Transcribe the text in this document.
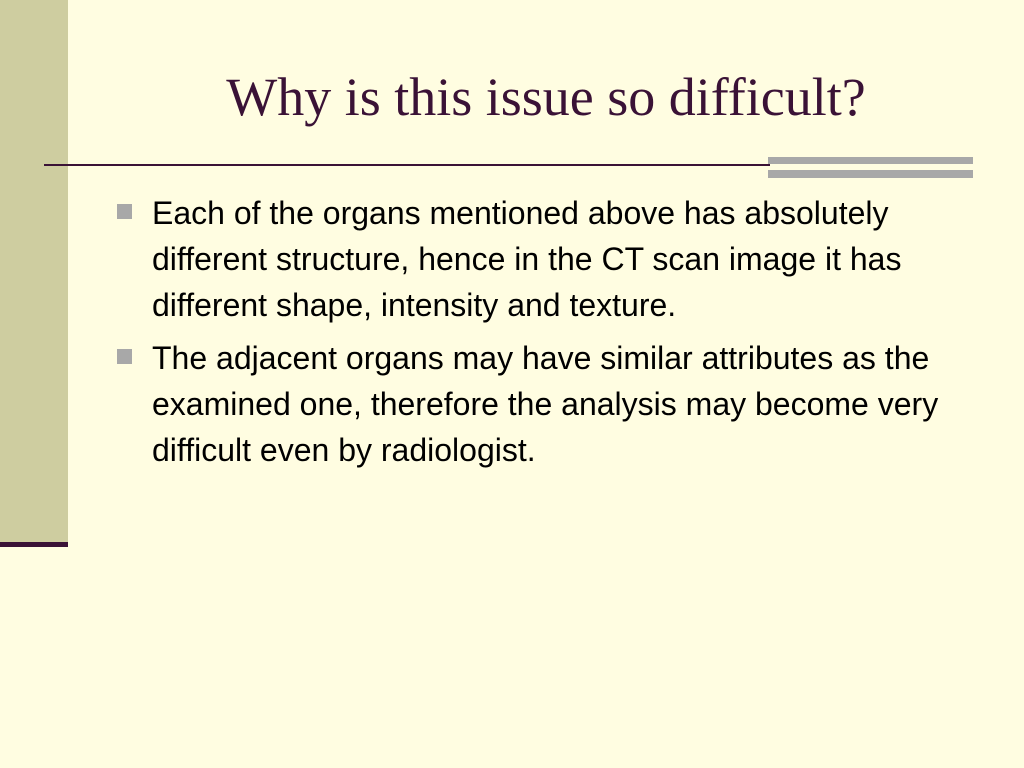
Why is this issue so difficult?
Each of the organs mentioned above has absolutely different structure, hence in the CT scan image it has different shape, intensity and texture.
The adjacent organs may have similar attributes as the examined one, therefore the analysis may become very difficult even by radiologist.
